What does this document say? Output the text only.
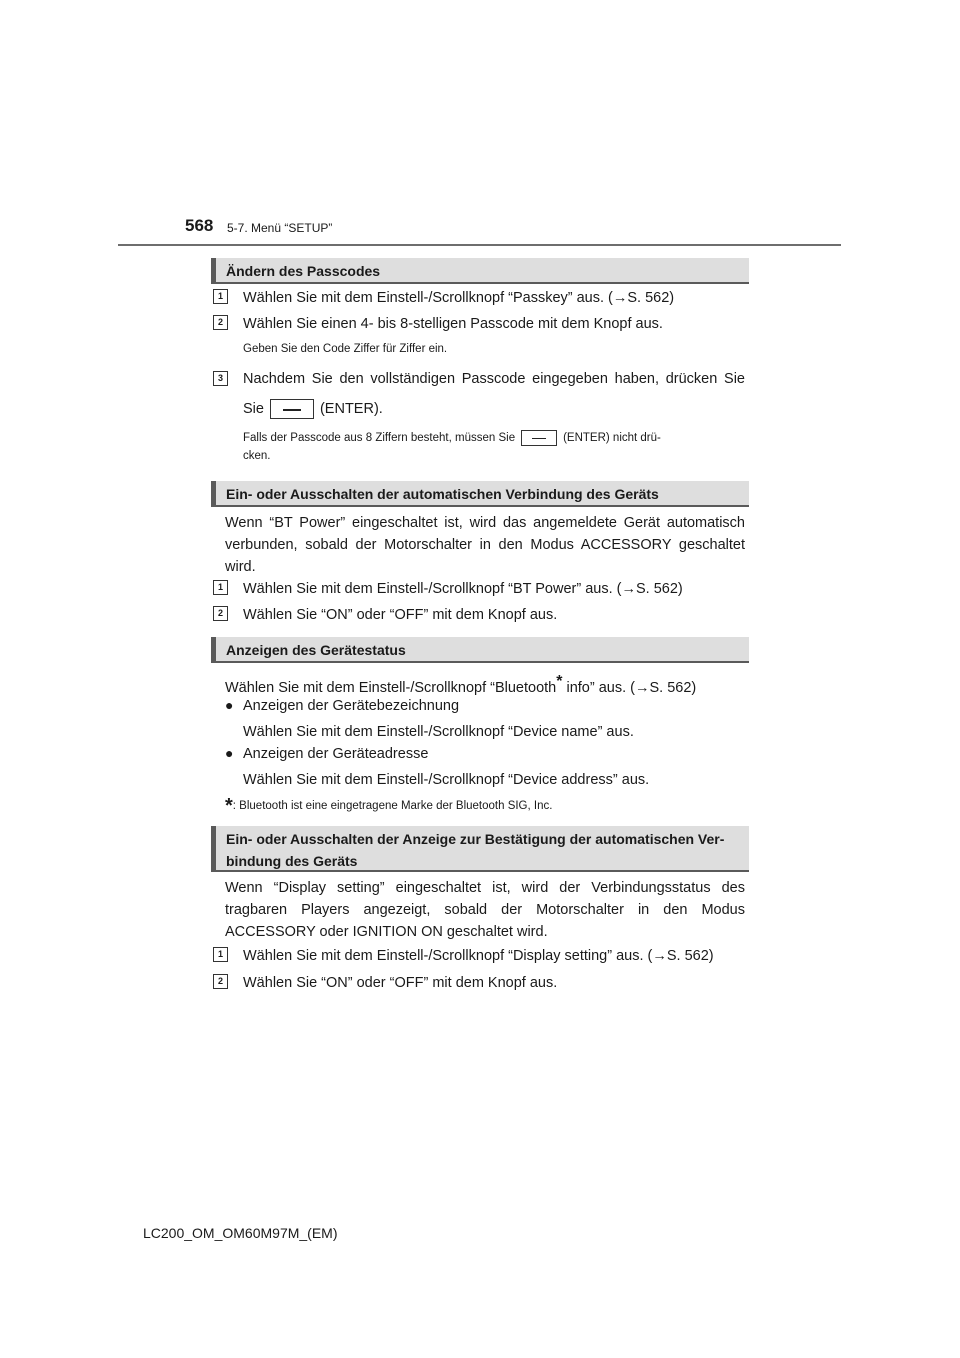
568 5-7. Menü “SETUP”
Ändern des Passcodes
1	Wählen Sie mit dem Einstell-/Scrollknopf “Passkey” aus. (→S. 562)
2	Wählen Sie einen 4- bis 8-stelligen Passcode mit dem Knopf aus.
Geben Sie den Code Ziffer für Ziffer ein.
3	Nachdem Sie den vollständigen Passcode eingegeben haben, drücken Sie
Sie	(ENTER).
Falls der Passcode aus 8 Ziffern besteht, müssen Sie	(ENTER) nicht drü-
cken.
Ein- oder Ausschalten der automatischen Verbindung des Geräts
Wenn “BT Power” eingeschaltet ist, wird das angemeldete Gerät automatisch verbunden, sobald der Motorschalter in den Modus ACCESSORY geschaltet wird.
1	Wählen Sie mit dem Einstell-/Scrollknopf “BT Power” aus. (→S. 562)
2	Wählen Sie “ON” oder “OFF” mit dem Knopf aus.
Anzeigen des Gerätestatus
Wählen Sie mit dem Einstell-/Scrollknopf “Bluetooth* info” aus. (→S. 562)
● Anzeigen der Gerätebezeichnung
Wählen Sie mit dem Einstell-/Scrollknopf “Device name” aus.
● Anzeigen der Geräteadresse
Wählen Sie mit dem Einstell-/Scrollknopf “Device address” aus.
*: Bluetooth ist eine eingetragene Marke der Bluetooth SIG, Inc.
Ein- oder Ausschalten der Anzeige zur Bestätigung der automatischen Ver-bindung des Geräts
Wenn “Display setting” eingeschaltet ist, wird der Verbindungsstatus des tragbaren Players angezeigt, sobald der Motorschalter in den Modus ACCESSORY oder IGNITION ON geschaltet wird.
1	Wählen Sie mit dem Einstell-/Scrollknopf “Display setting” aus. (→S. 562)
2	Wählen Sie “ON” oder “OFF” mit dem Knopf aus.
LC200_OM_OM60M97M_(EM)
